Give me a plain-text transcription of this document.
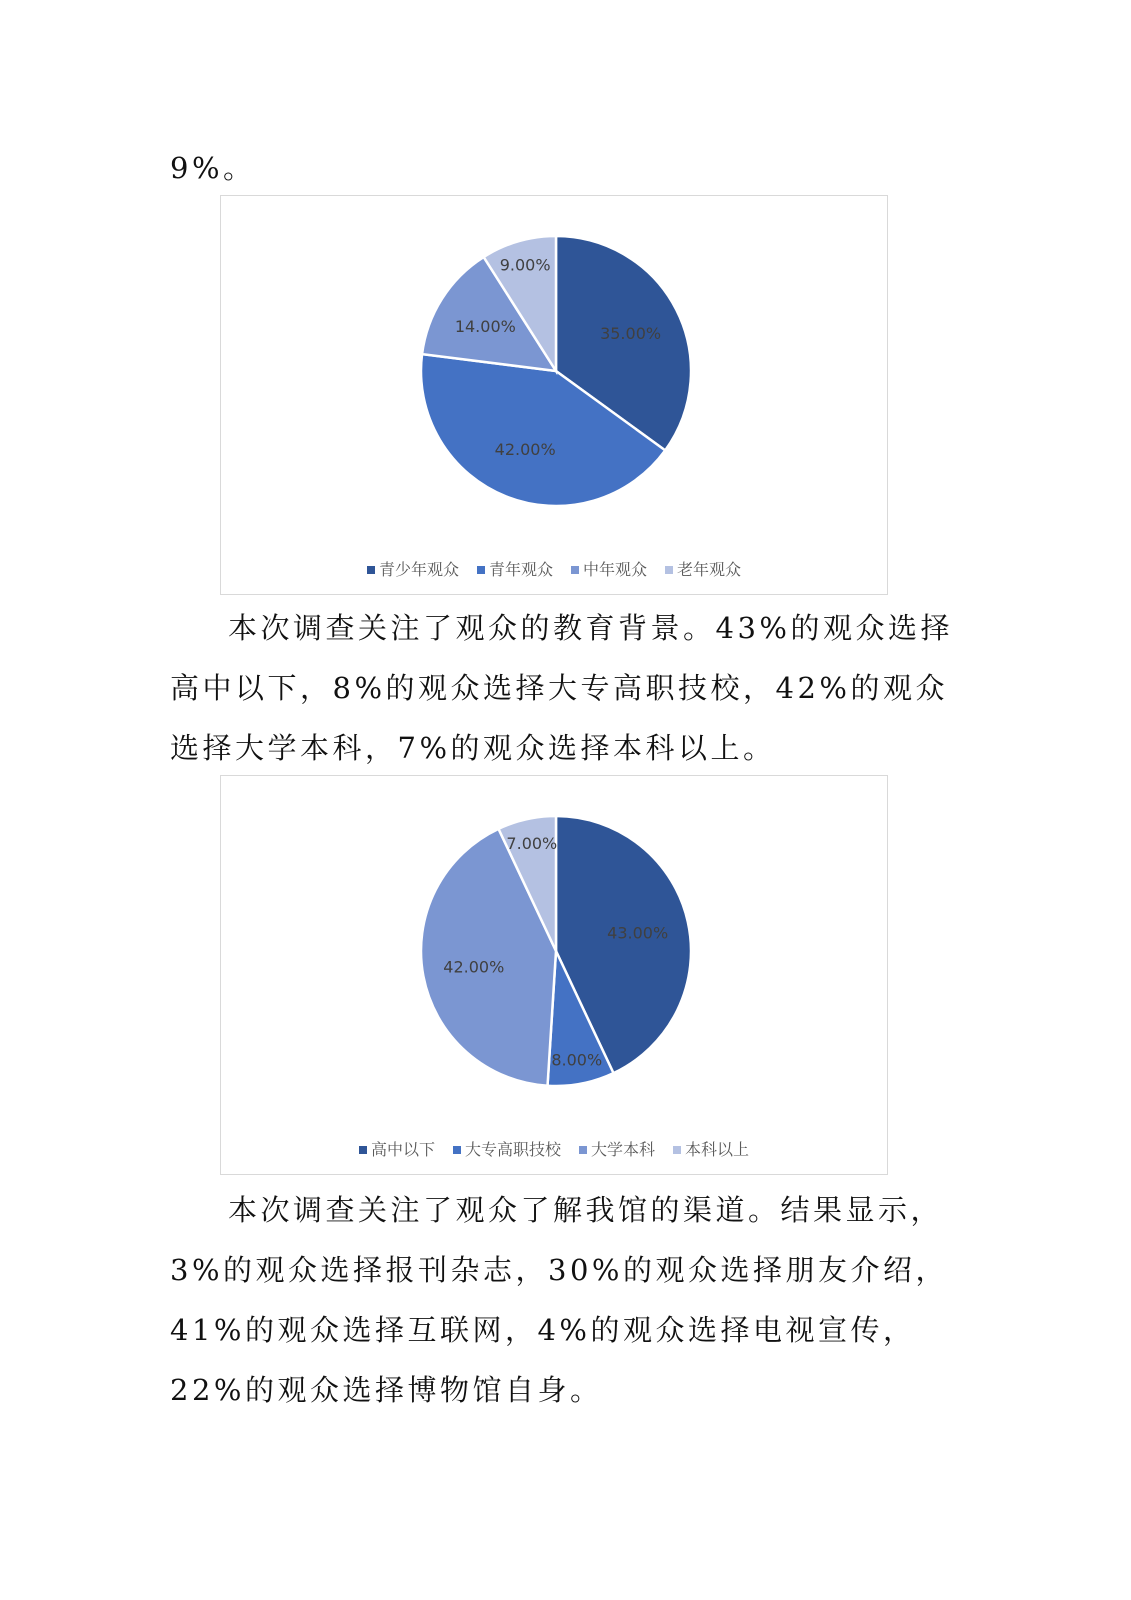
9%。

35.00%
42.00%
14.00%
9.00%
青少年观众 青年观众 中年观众 老年观众

本次调查关注了观众的教育背景。43%的观众选择高中以下，8%的观众选择大专高职技校，42%的观众选择大学本科，7%的观众选择本科以上。

43.00%
8.00%
42.00%
7.00%
高中以下 大专高职技校 大学本科 本科以上

本次调查关注了观众了解我馆的渠道。结果显示，3%的观众选择报刊杂志，30%的观众选择朋友介绍，41%的观众选择互联网，4%的观众选择电视宣传，22%的观众选择博物馆自身。
